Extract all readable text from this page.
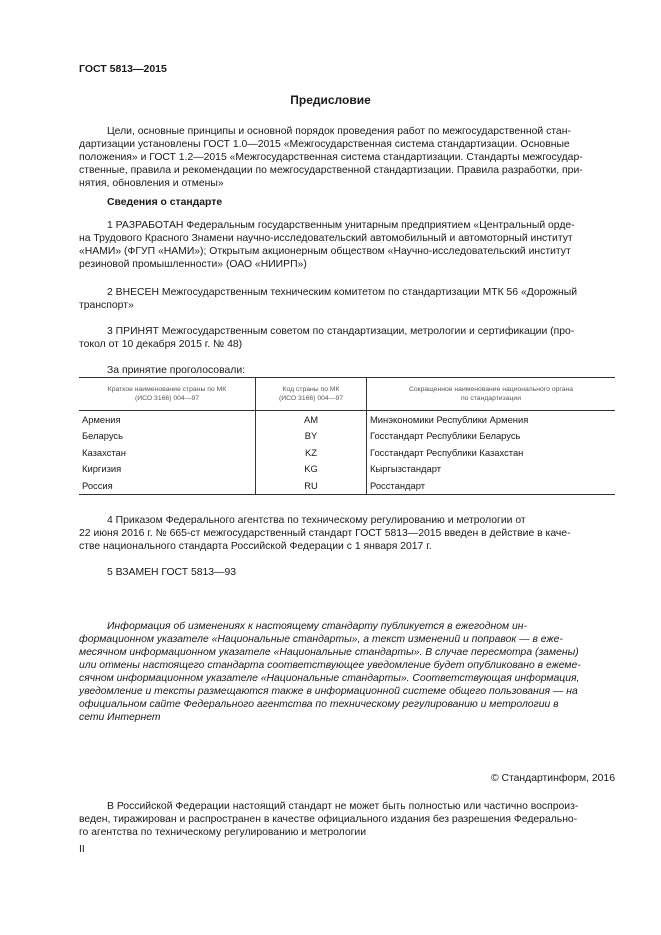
ГОСТ 5813—2015
Предисловие

Цели, основные принципы и основной порядок проведения работ по межгосударственной стан-

дартизации установлены ГОСТ 1.0—2015 «Межгосударственная система стандартизации. Основные

положения» и ГОСТ 1.2—2015 «Межгосударственная система стандартизации. Стандарты межгосудар-

ственные, правила и рекомендации по межгосударственной стандартизации. Правила разработки, при-

нятия, обновления и отмены»

Сведения о стандарте

1 РАЗРАБОТАН Федеральным государственным унитарным предприятием «Центральный орде-

на Трудового Красного Знамени научно-исследовательский автомобильный и автомоторный институт

«НАМИ» (ФГУП «НАМИ»); Открытым акционерным обществом «Научно-исследовательский институт

резиновой промышленности» (ОАО «НИИРП»)

2 ВНЕСЕН Межгосударственным техническим комитетом по стандартизации МТК 56 «Дорожный

транспорт»

3 ПРИНЯТ Межгосударственным советом по стандартизации, метрологии и сертификации (про-

токол от 10 декабря 2015 г. № 48)

За принятие проголосовали:

Краткое наименование страны по МК
(ИСО 3166) 004—97	Код страны по МК
(ИСО 3166) 004—97	Сокращенное наименование национального органа
по стандартизации
Армения	AM	Минэкономики Республики Армения
Беларусь	BY	Госстандарт Республики Беларусь
Казахстан	KZ	Госстандарт Республики Казахстан
Киргизия	KG	Кыргызстандарт
Россия	RU	Росстандарт

4 Приказом Федерального агентства по техническому регулированию и метрологии от

22 июня 2016 г. № 665-ст межгосударственный стандарт ГОСТ 5813—2015 введен в действие в каче-

стве национального стандарта Российской Федерации с 1 января 2017 г.

5 ВЗАМЕН ГОСТ 5813—93

Информация об изменениях к настоящему стандарту публикуется в ежегодном ин-

формационном указателе «Национальные стандарты», а текст изменений и поправок — в еже-

месячном информационном указателе «Национальные стандарты». В случае пересмотра (замены)

или отмены настоящего стандарта соответствующее уведомление будет опубликовано в ежеме-

сячном информационном указателе «Национальные стандарты». Соответствующая информация,

уведомление и тексты размещаются также в информационной системе общего пользования — на

официальном сайте Федерального агентства по техническому регулированию и метрологии в

сети Интернет

© Стандартинформ, 2016

В Российской Федерации настоящий стандарт не может быть полностью или частично воспроиз-

веден, тиражирован и распространен в качестве официального издания без разрешения Федерально-

го агентства по техническому регулированию и метрологии

II
